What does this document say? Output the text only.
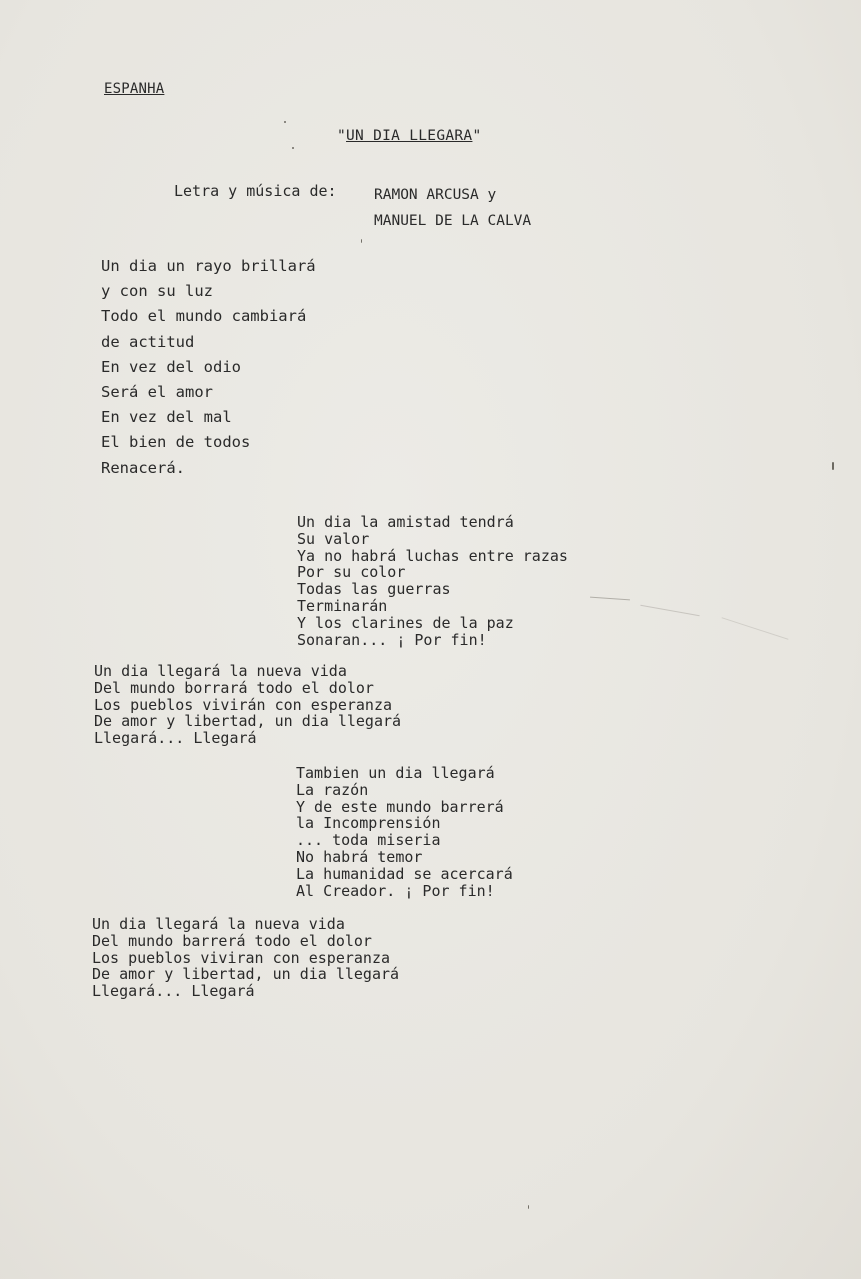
ESPANHA
"UN DIA LLEGARA"
Letra y música de:	RAMON ARCUSA y
MANUEL DE LA CALVA
Un dia un rayo brillará
y con su luz
Todo el mundo cambiará
de actitud
En vez del odio
Será el amor
En vez del mal
El bien de todos
Renacerá.
Un dia la amistad tendrá
Su valor
Ya no habrá luchas entre razas
Por su color
Todas las guerras
Terminarán
Y los clarines de la paz
Sonaran... ¡ Por fin!
Un dia llegará la nueva vida
Del mundo borrará todo el dolor
Los pueblos vivirán con esperanza
De amor y libertad, un dia llegará
Llegará... Llegará
Tambien un dia llegará
La razón
Y de este mundo barrerá
la Incomprensión
... toda miseria
No habrá temor
La humanidad se acercará
Al Creador. ¡ Por fin!
Un dia llegará la nueva vida
Del mundo barrerá todo el dolor
Los pueblos viviran con esperanza
De amor y libertad, un dia llegará
Llegará... Llegará
